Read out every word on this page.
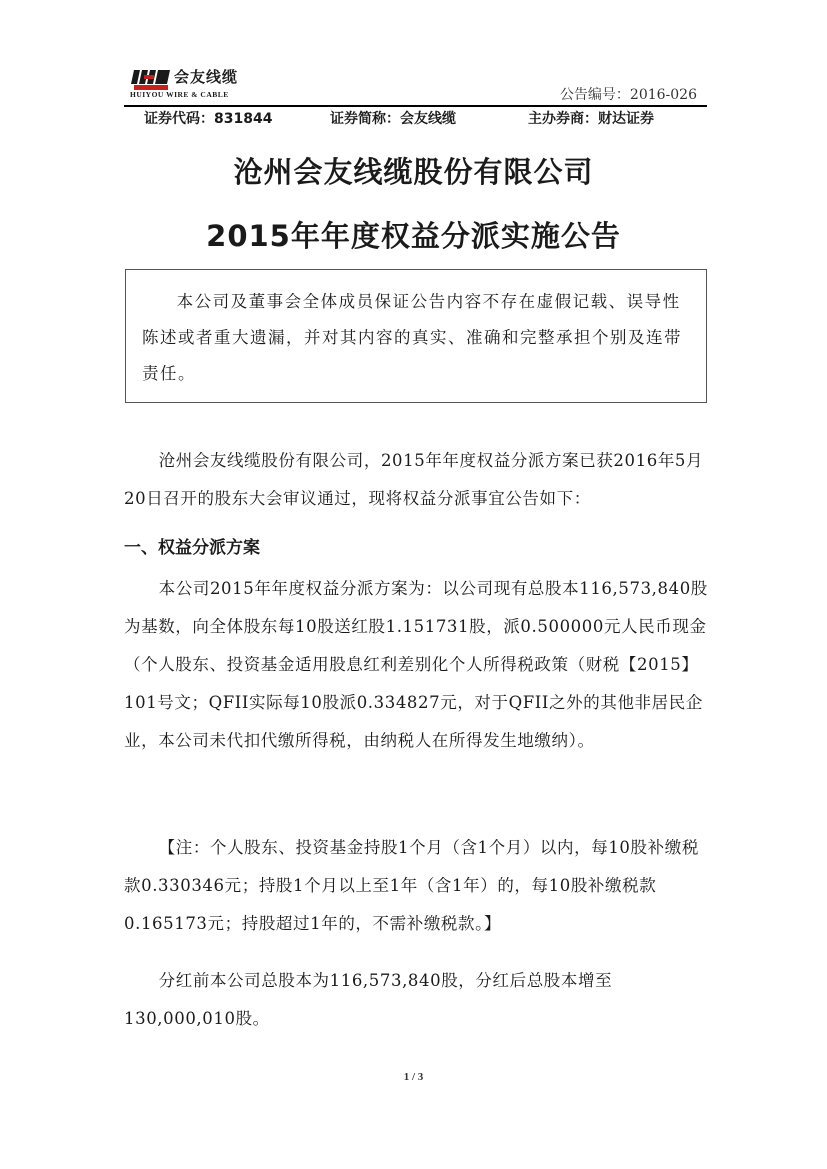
会友线缆
HUIYOU WIRE & CABLE	公告编号：2016-026
证券代码：831844	证券简称：会友线缆	主办券商：财达证券
沧州会友线缆股份有限公司
2015年年度权益分派实施公告

本公司及董事会全体成员保证公告内容不存在虚假记载、误导性陈述或者重大遗漏，并对其内容的真实、准确和完整承担个别及连带责任。

沧州会友线缆股份有限公司，2015年年度权益分派方案已获2016年5月20日召开的股东大会审议通过，现将权益分派事宜公告如下：

一、权益分派方案

本公司2015年年度权益分派方案为：以公司现有总股本116,573,840股为基数，向全体股东每10股送红股1.151731股，派0.500000元人民币现金（个人股东、投资基金适用股息红利差别化个人所得税政策（财税【2015】101号文；QFII实际每10股派0.334827元，对于QFII之外的其他非居民企业，本公司未代扣代缴所得税，由纳税人在所得发生地缴纳）。

【注：个人股东、投资基金持股1个月（含1个月）以内，每10股补缴税款0.330346元；持股1个月以上至1年（含1年）的，每10股补缴税款0.165173元；持股超过1年的，不需补缴税款。】

分红前本公司总股本为116,573,840股，分红后总股本增至130,000,010股。

1 / 3
